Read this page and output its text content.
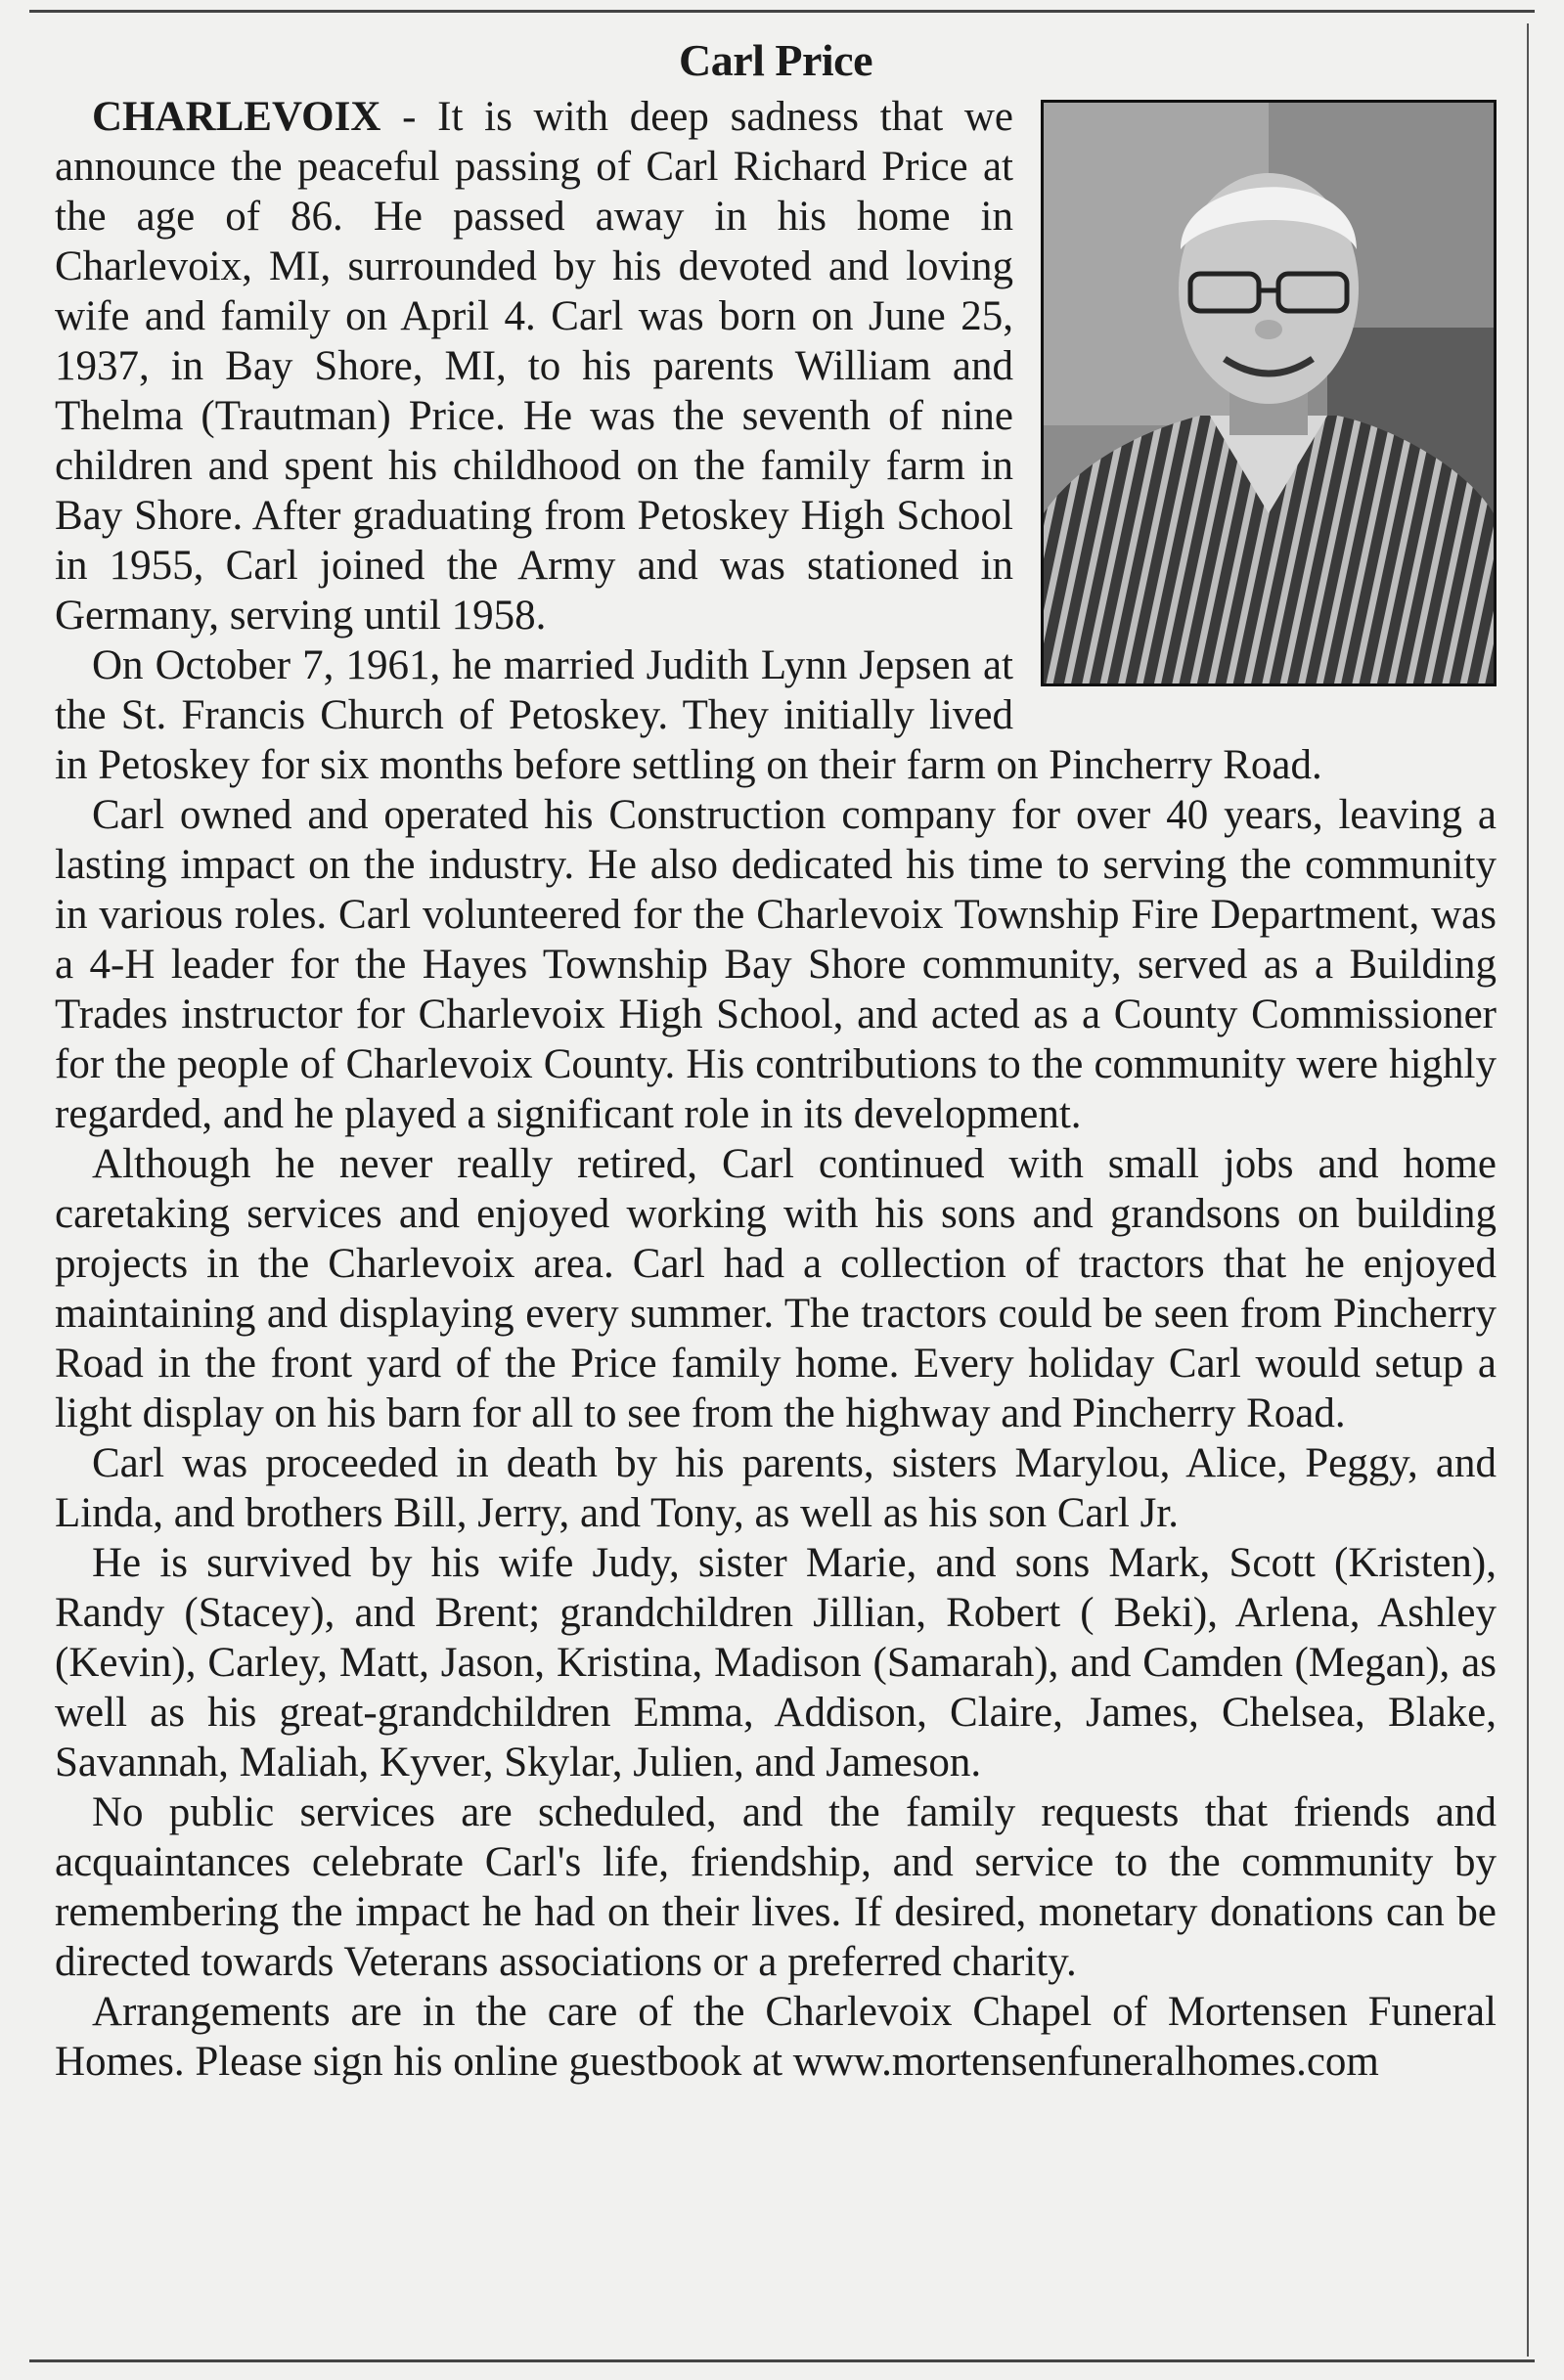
Carl Price

CHARLEVOIX - It is with deep sadness that we announce the peaceful passing of Carl Richard Price at the age of 86. He passed away in his home in Charlevoix, MI, surrounded by his devoted and loving wife and family on April 4. Carl was born on June 25, 1937, in Bay Shore, MI, to his parents William and Thelma (Trautman) Price. He was the seventh of nine children and spent his childhood on the family farm in Bay Shore. After graduating from Petoskey High School in 1955, Carl joined the Army and was stationed in Germany, serving until 1958.

On October 7, 1961, he married Judith Lynn Jepsen at the St. Francis Church of Petoskey. They initially lived in Petoskey for six months before settling on their farm on Pincherry Road.

Carl owned and operated his Construction company for over 40 years, leaving a lasting impact on the industry. He also dedicated his time to serving the community in various roles. Carl volunteered for the Charlevoix Township Fire Department, was a 4-H leader for the Hayes Township Bay Shore community, served as a Building Trades instructor for Charlevoix High School, and acted as a County Commissioner for the people of Charlevoix County. His contributions to the community were highly regarded, and he played a significant role in its development.

Although he never really retired, Carl continued with small jobs and home caretaking services and enjoyed working with his sons and grandsons on building projects in the Charlevoix area. Carl had a collection of tractors that he enjoyed maintaining and displaying every summer. The tractors could be seen from Pincherry Road in the front yard of the Price family home. Every holiday Carl would setup a light display on his barn for all to see from the highway and Pincherry Road.

Carl was proceeded in death by his parents, sisters Marylou, Alice, Peggy, and Linda, and brothers Bill, Jerry, and Tony, as well as his son Carl Jr.

He is survived by his wife Judy, sister Marie, and sons Mark, Scott (Kristen), Randy (Stacey), and Brent; grandchildren Jillian, Robert ( Beki), Arlena, Ashley (Kevin), Carley, Matt, Jason, Kristina, Madison (Samarah), and Camden (Megan), as well as his great-grandchildren Emma, Addison, Claire, James, Chelsea, Blake, Savannah, Maliah, Kyver, Skylar, Julien, and Jameson.

No public services are scheduled, and the family requests that friends and acquaintances celebrate Carl's life, friendship, and service to the community by remembering the impact he had on their lives. If desired, monetary donations can be directed towards Veterans associations or a preferred charity.

Arrangements are in the care of the Charlevoix Chapel of Mortensen Funeral Homes. Please sign his online guestbook at www.mortensenfuneralhomes.com
